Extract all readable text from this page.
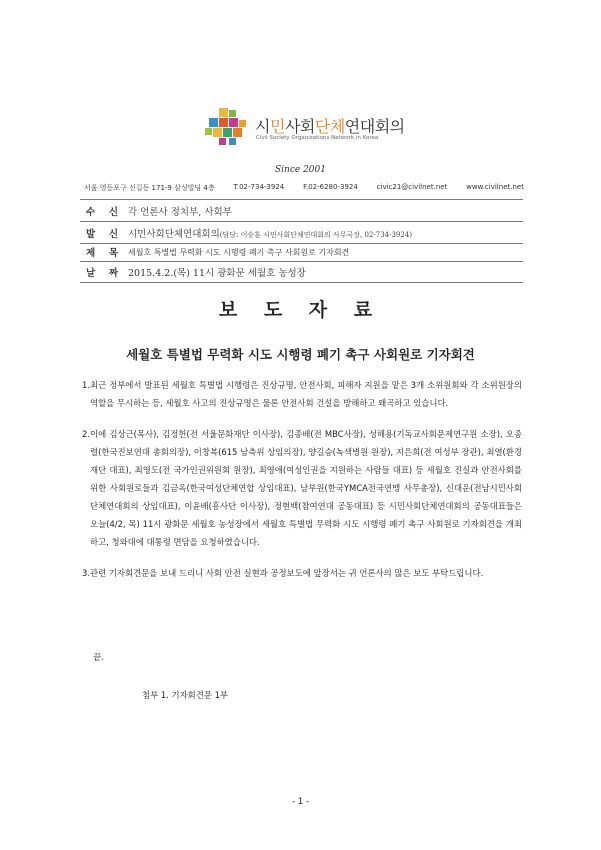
시민사회단체연대회의
Civil Society Organizations Network in Korea
Since 2001
서울 영등포구 신길동 171-9 삼성빌딩 4층	T.02-734-3924	F.02-6280-3924	civic21@civilnet.net	www.civilnet.net
수 신 각 언론사 정치부, 사회부
발 신 시민사회단체연대회의(담당: 이승훈 시민사회단체연대회의 사무국장, 02-734-3924)
제 목 세월호 특별법 무력화 시도 시행령 폐기 촉구 사회원로 기자회견
날 짜 2015.4.2.(목) 11시 광화문 세월호 농성장
보 도 자 료
세월호 특별법 무력화 시도 시행령 폐기 촉구 사회원로 기자회견
1. 최근 정부에서 발표된 세월호 특별법 시행령은 진상규명, 안전사회, 피해자 지원을 맡은 3개 소위원회와 각 소위원장의 역할을 무시하는 등, 세월호 사고의 진상규명은 물론 안전사회 건설을 방해하고 왜곡하고 있습니다.
2. 이에 김상근(목사), 김정헌(전 서울문화재단 이사장), 김종배(전 MBC사장), 성해용(기독교사회문제연구원 소장), 오종렬(한국진보연대 총회의장), 이창복(615 남측위 상임의장), 양길승(녹색병원 원장), 지은희(전 여성부 장관), 최열(환경재단 대표), 최영도(전 국가인권위원회 원장), 최영애(여성인권을 지원하는 사람들 대표) 등 세월호 진실과 안전사회를 위한 사회원로들과 김금옥(한국여성단체연합 상임대표), 남부원(한국YMCA전국연맹 사무총장), 신대운(전남시민사회단체연대회의 상임대표), 이윤배(흥사단 이사장), 정현백(참여연대 공동대표) 등 시민사회단체연대회의 공동대표들은 오늘(4/2, 목) 11시 광화문 세월호 농성장에서 세월호 특별법 무력화 시도 시행령 폐기 촉구 사회원로 기자회견을 개최하고, 청와대에 대통령 면담을 요청하였습니다.
3. 관련 기자회견문을 보내 드리니 사회 안전 실현과 공정보도에 앞장서는 귀 언론사의 많은 보도 부탁드립니다.
끝.
첨부 1. 기자회견문 1부
- 1 -
